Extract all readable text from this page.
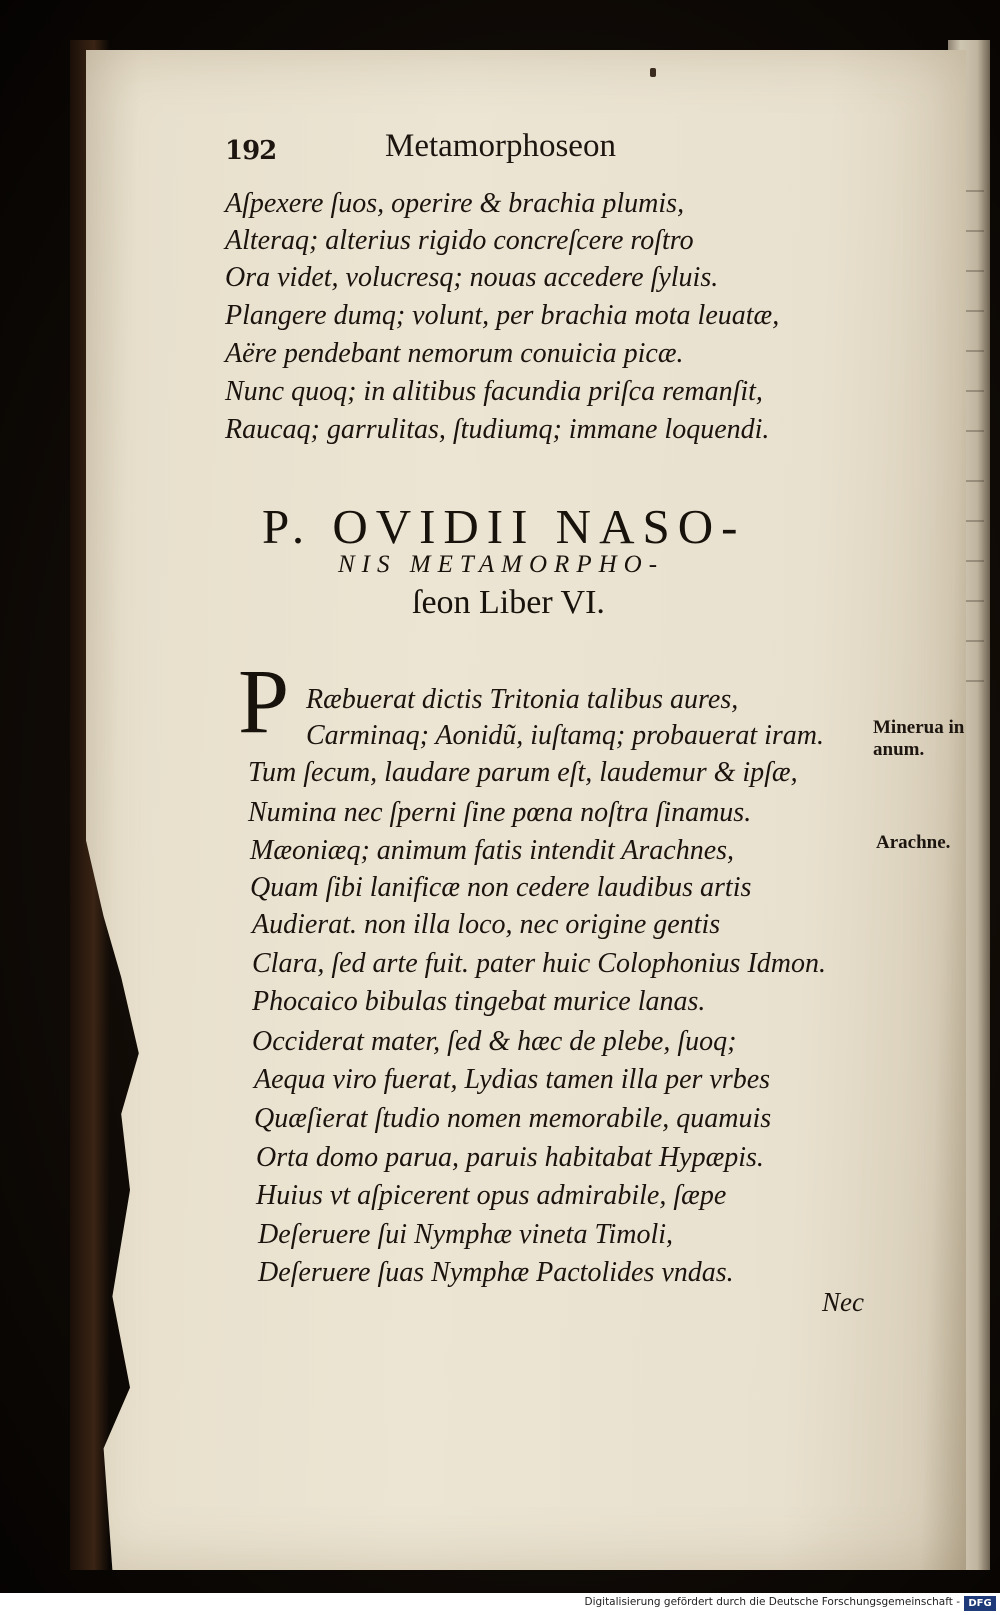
192	Metamorphoseon
Aſpexere ſuos, operire & brachia plumis,
Alteraq; alterius rigido concreſcere roſtro
Ora videt, volucresq; nouas accedere ſyluis.
Plangere dumq; volunt, per brachia mota leuatæ,
Aëre pendebant nemorum conuicia picæ.
Nunc quoq; in alitibus facundia priſca remanſit,
Raucaq; garrulitas, ſtudiumq; immane loquendi.
P. OVIDII NASO-
NIS METAMORPHO-
ſeon Liber VI.
P Ræbuerat dictis Tritonia talibus aures,
Carminaq; Aonidũ, iuſtamq; probauerat iram.
Tum ſecum, laudare parum eſt, laudemur & ipſæ,
Numina nec ſperni ſine pœna noſtra ſinamus.
Mæoniæq; animum fatis intendit Arachnes,
Quam ſibi lanificæ non cedere laudibus artis
Audierat. non illa loco, nec origine gentis
Clara, ſed arte fuit. pater huic Colophonius Idmon.
Phocaico bibulas tingebat murice lanas.
Occiderat mater, ſed & hæc de plebe, ſuoq;
Aequa viro fuerat, Lydias tamen illa per vrbes
Quæſierat ſtudio nomen memorabile, quamuis
Orta domo parua, paruis habitabat Hypæpis.
Huius vt aſpicerent opus admirabile, ſæpe
Deſeruere ſui Nymphæ vineta Timoli,
Deſeruere ſuas Nymphæ Pactolides vndas.
Minerua in
anum.
Arachne.
Nec
Digitalisierung gefördert durch die Deutsche Forschungsgemeinschaft - DFG
